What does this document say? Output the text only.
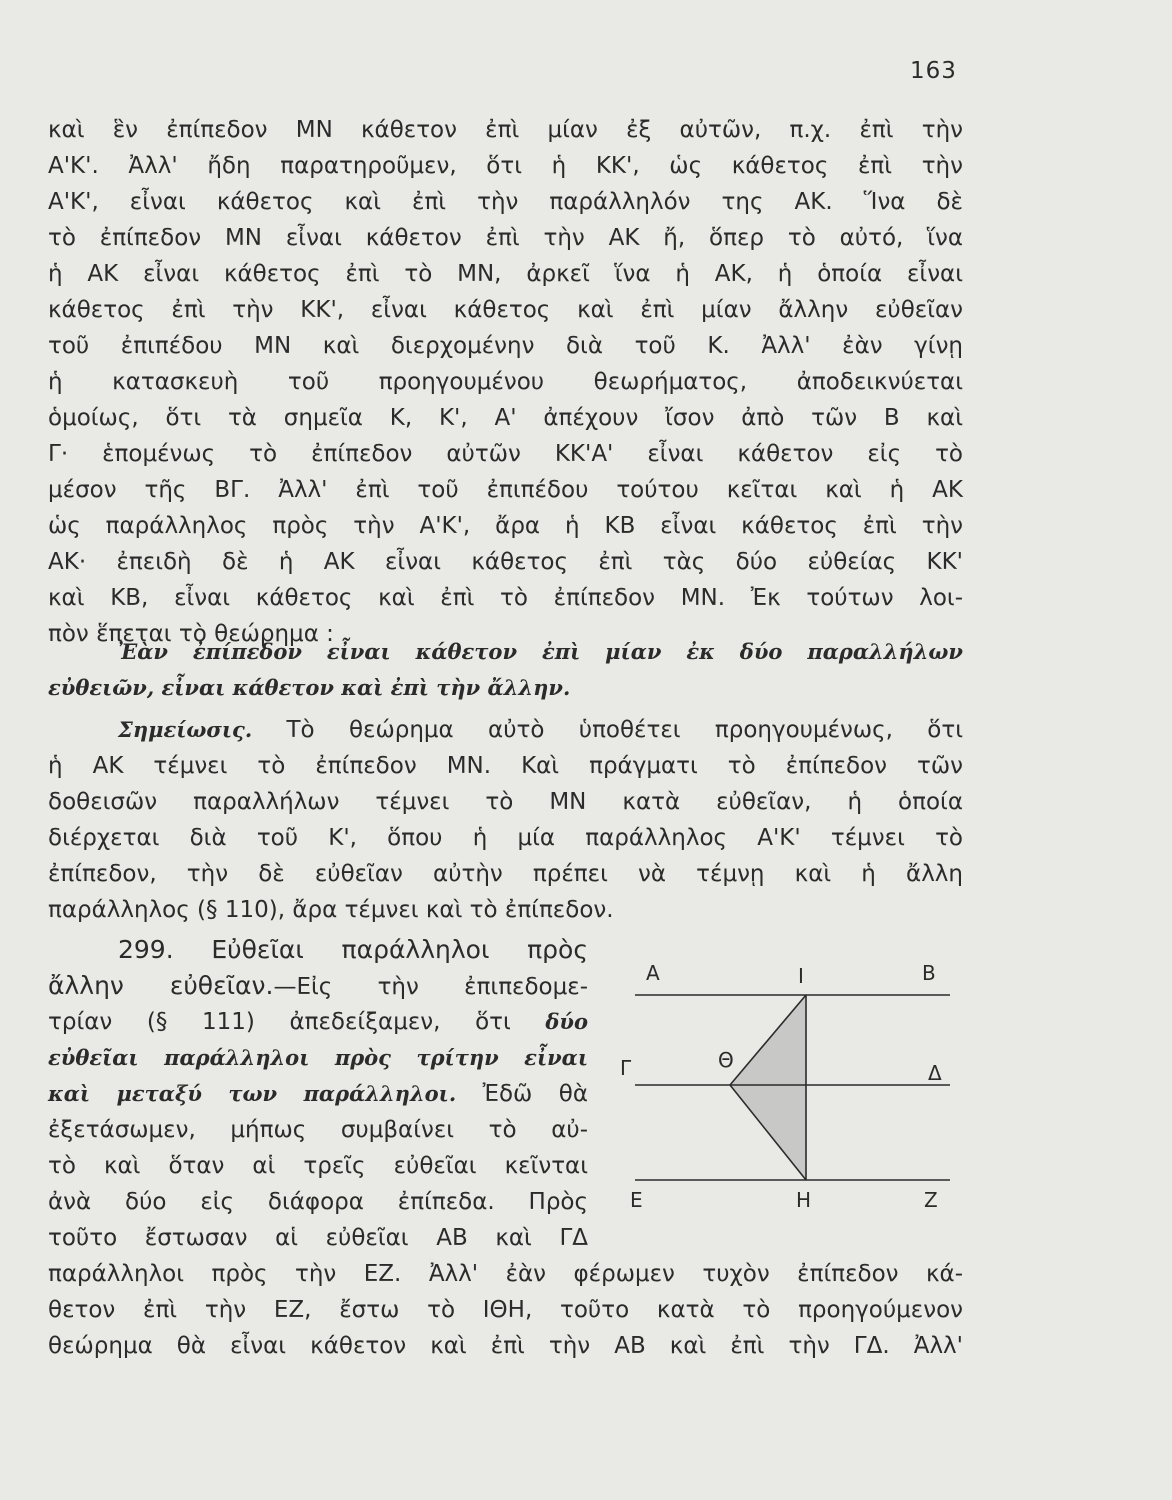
163
καὶ ἓν ἐπίπεδον ΜΝ κάθετον ἐπὶ μίαν ἐξ αὐτῶν, π.χ. ἐπὶ τὴν
Α'Κ'. Ἀλλ' ἤδη παρατηροῦμεν, ὅτι ἡ ΚΚ', ὡς κάθετος ἐπὶ τὴν
Α'Κ', εἶναι κάθετος καὶ ἐπὶ τὴν παράλληλόν της ΑΚ. Ἵνα δὲ
τὸ ἐπίπεδον ΜΝ εἶναι κάθετον ἐπὶ τὴν ΑΚ ἤ, ὅπερ τὸ αὐτό, ἵνα
ἡ ΑΚ εἶναι κάθετος ἐπὶ τὸ ΜΝ, ἀρκεῖ ἵνα ἡ ΑΚ, ἡ ὁποία εἶναι
κάθετος ἐπὶ τὴν ΚΚ', εἶναι κάθετος καὶ ἐπὶ μίαν ἄλλην εὐθεῖαν
τοῦ ἐπιπέδου ΜΝ καὶ διερχομένην διὰ τοῦ Κ. Ἀλλ' ἐὰν γίνῃ
ἡ κατασκευὴ τοῦ προηγουμένου θεωρήματος, ἀποδεικνύεται
ὁμοίως, ὅτι τὰ σημεῖα Κ, Κ', Α' ἀπέχουν ἴσον ἀπὸ τῶν Β καὶ
Γ· ἑπομένως τὸ ἐπίπεδον αὐτῶν ΚΚ'Α' εἶναι κάθετον εἰς τὸ
μέσον τῆς ΒΓ. Ἀλλ' ἐπὶ τοῦ ἐπιπέδου τούτου κεῖται καὶ ἡ ΑΚ
ὡς παράλληλος πρὸς τὴν Α'Κ', ἄρα ἡ ΚΒ εἶναι κάθετος ἐπὶ τὴν
ΑΚ· ἐπειδὴ δὲ ἡ ΑΚ εἶναι κάθετος ἐπὶ τὰς δύο εὐθείας ΚΚ'
καὶ ΚΒ, εἶναι κάθετος καὶ ἐπὶ τὸ ἐπίπεδον ΜΝ. Ἐκ τούτων λοι-
πὸν ἕπεται τὸ θεώρημα :
Ἐὰν ἐπίπεδον εἶναι κάθετον ἐπὶ μίαν ἐκ δύο παραλλήλων
εὐθειῶν, εἶναι κάθετον καὶ ἐπὶ τὴν ἄλλην.
Σημείωσις. Τὸ θεώρημα αὐτὸ ὑποθέτει προηγουμένως, ὅτι
ἡ ΑΚ τέμνει τὸ ἐπίπεδον ΜΝ. Καὶ πράγματι τὸ ἐπίπεδον τῶν
δοθεισῶν παραλλήλων τέμνει τὸ ΜΝ κατὰ εὐθεῖαν, ἡ ὁποία
διέρχεται διὰ τοῦ Κ', ὅπου ἡ μία παράλληλος Α'Κ' τέμνει τὸ
ἐπίπεδον, τὴν δὲ εὐθεῖαν αὐτὴν πρέπει νὰ τέμνῃ καὶ ἡ ἄλλη
παράλληλος (§ 110), ἄρα τέμνει καὶ τὸ ἐπίπεδον.
299. Εὐθεῖαι παράλληλοι πρὸς
ἄλλην εὐθεῖαν.—Εἰς τὴν ἐπιπεδομε-
τρίαν (§ 111) ἀπεδείξαμεν, ὅτι δύο
εὐθεῖαι παράλληλοι πρὸς τρίτην εἶναι
καὶ μεταξύ των παράλληλοι. Ἐδῶ θὰ
ἐξετάσωμεν, μήπως συμβαίνει τὸ αὐ-
τὸ καὶ ὅταν αἱ τρεῖς εὐθεῖαι κεῖνται
ἀνὰ δύο εἰς διάφορα ἐπίπεδα. Πρὸς
τοῦτο ἔστωσαν αἱ εὐθεῖαι ΑΒ καὶ ΓΔ
παράλληλοι πρὸς τὴν ΕΖ. Ἀλλ' ἐὰν φέρωμεν τυχὸν ἐπίπεδον κά-
θετον ἐπὶ τὴν ΕΖ, ἔστω τὸ ΙΘΗ, τοῦτο κατὰ τὸ προηγούμενον
θεώρημα θὰ εἶναι κάθετον καὶ ἐπὶ τὴν ΑΒ καὶ ἐπὶ τὴν ΓΔ. Ἀλλ'
A	I	B
Γ	Θ
Δ
E	H	Z
